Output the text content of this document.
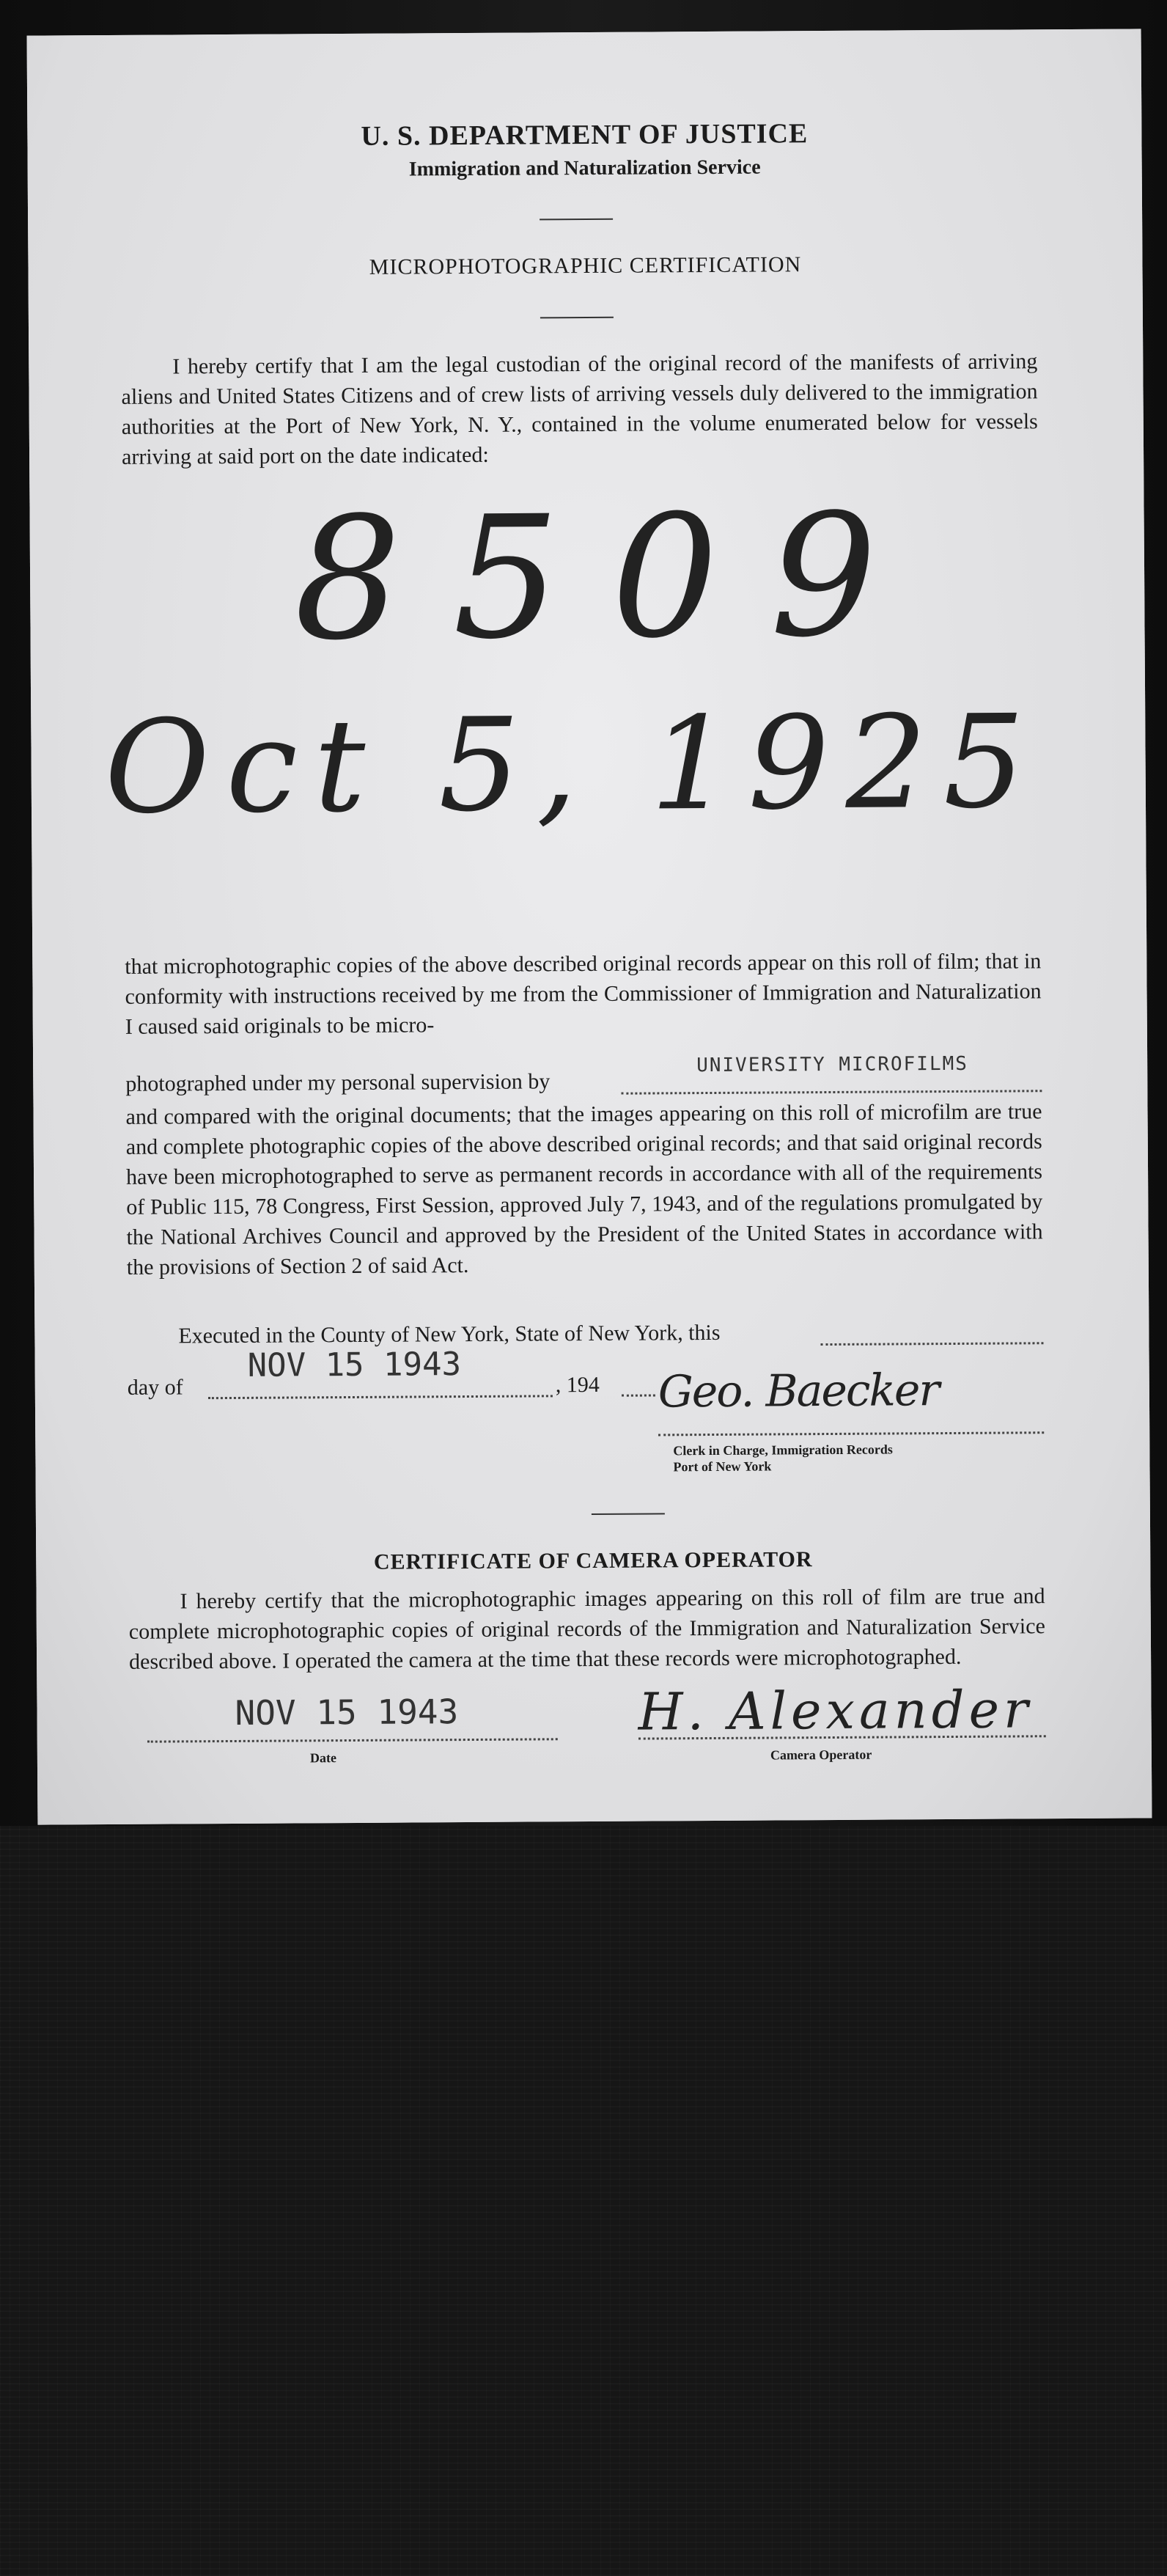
U. S. DEPARTMENT OF JUSTICE
Immigration and Naturalization Service
MICROPHOTOGRAPHIC CERTIFICATION

I hereby certify that I am the legal custodian of the original record of the manifests of arriving aliens and United States Citizens and of crew lists of arriving vessels duly delivered to the immigration authorities at the Port of New York, N. Y., contained in the volume enumerated below for vessels arriving at said port on the date indicated:

8509
Oct 5, 1925

that microphotographic copies of the above described original records appear on this roll of film; that in conformity with instructions received by me from the Commissioner of Immigration and Naturalization I caused said originals to be micro-

photographed under my personal supervision by
UNIVERSITY MICROFILMS

and compared with the original documents; that the images appearing on this roll of microfilm are true and complete photographic copies of the above described original records; and that said original records have been microphotographed to serve as permanent records in accordance with all of the requirements of Public 115, 78 Congress, First Session, approved July 7, 1943, and of the regulations promulgated by the National Archives Council and approved by the President of the United States in accordance with the provisions of Section 2 of said Act.

Executed in the County of New York, State of New York, this
day of
NOV 15 1943
, 194 Geo. Baecker
Clerk in Charge, Immigration Records
Port of New York
CERTIFICATE OF CAMERA OPERATOR

I hereby certify that the microphotographic images appearing on this roll of film are true and complete microphotographic copies of original records of the Immigration and Naturalization Service described above. I operated the camera at the time that these records were microphotographed.

NOV 15 1943
Date
H. Alexander
Camera Operator
